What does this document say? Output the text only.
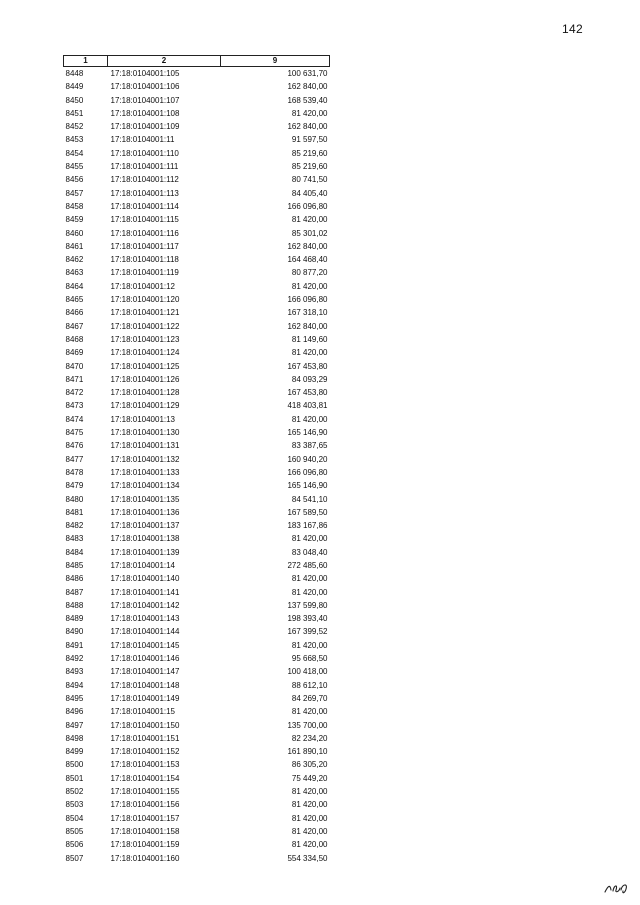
142
1	2	9
8448	17:18:0104001:105	100 631,70
8449	17:18:0104001:106	162 840,00
8450	17:18:0104001:107	168 539,40
8451	17:18:0104001:108	81 420,00
8452	17:18:0104001:109	162 840,00
8453	17:18:0104001:11	91 597,50
8454	17:18:0104001:110	85 219,60
8455	17:18:0104001:111	85 219,60
8456	17:18:0104001:112	80 741,50
8457	17:18:0104001:113	84 405,40
8458	17:18:0104001:114	166 096,80
8459	17:18:0104001:115	81 420,00
8460	17:18:0104001:116	85 301,02
8461	17:18:0104001:117	162 840,00
8462	17:18:0104001:118	164 468,40
8463	17:18:0104001:119	80 877,20
8464	17:18:0104001:12	81 420,00
8465	17:18:0104001:120	166 096,80
8466	17:18:0104001:121	167 318,10
8467	17:18:0104001:122	162 840,00
8468	17:18:0104001:123	81 149,60
8469	17:18:0104001:124	81 420,00
8470	17:18:0104001:125	167 453,80
8471	17:18:0104001:126	84 093,29
8472	17:18:0104001:128	167 453,80
8473	17:18:0104001:129	418 403,81
8474	17:18:0104001:13	81 420,00
8475	17:18:0104001:130	165 146,90
8476	17:18:0104001:131	83 387,65
8477	17:18:0104001:132	160 940,20
8478	17:18:0104001:133	166 096,80
8479	17:18:0104001:134	165 146,90
8480	17:18:0104001:135	84 541,10
8481	17:18:0104001:136	167 589,50
8482	17:18:0104001:137	183 167,86
8483	17:18:0104001:138	81 420,00
8484	17:18:0104001:139	83 048,40
8485	17:18:0104001:14	272 485,60
8486	17:18:0104001:140	81 420,00
8487	17:18:0104001:141	81 420,00
8488	17:18:0104001:142	137 599,80
8489	17:18:0104001:143	198 393,40
8490	17:18:0104001:144	167 399,52
8491	17:18:0104001:145	81 420,00
8492	17:18:0104001:146	95 668,50
8493	17:18:0104001:147	100 418,00
8494	17:18:0104001:148	88 612,10
8495	17:18:0104001:149	84 269,70
8496	17:18:0104001:15	81 420,00
8497	17:18:0104001:150	135 700,00
8498	17:18:0104001:151	82 234,20
8499	17:18:0104001:152	161 890,10
8500	17:18:0104001:153	86 305,20
8501	17:18:0104001:154	75 449,20
8502	17:18:0104001:155	81 420,00
8503	17:18:0104001:156	81 420,00
8504	17:18:0104001:157	81 420,00
8505	17:18:0104001:158	81 420,00
8506	17:18:0104001:159	81 420,00
8507	17:18:0104001:160	554 334,50
